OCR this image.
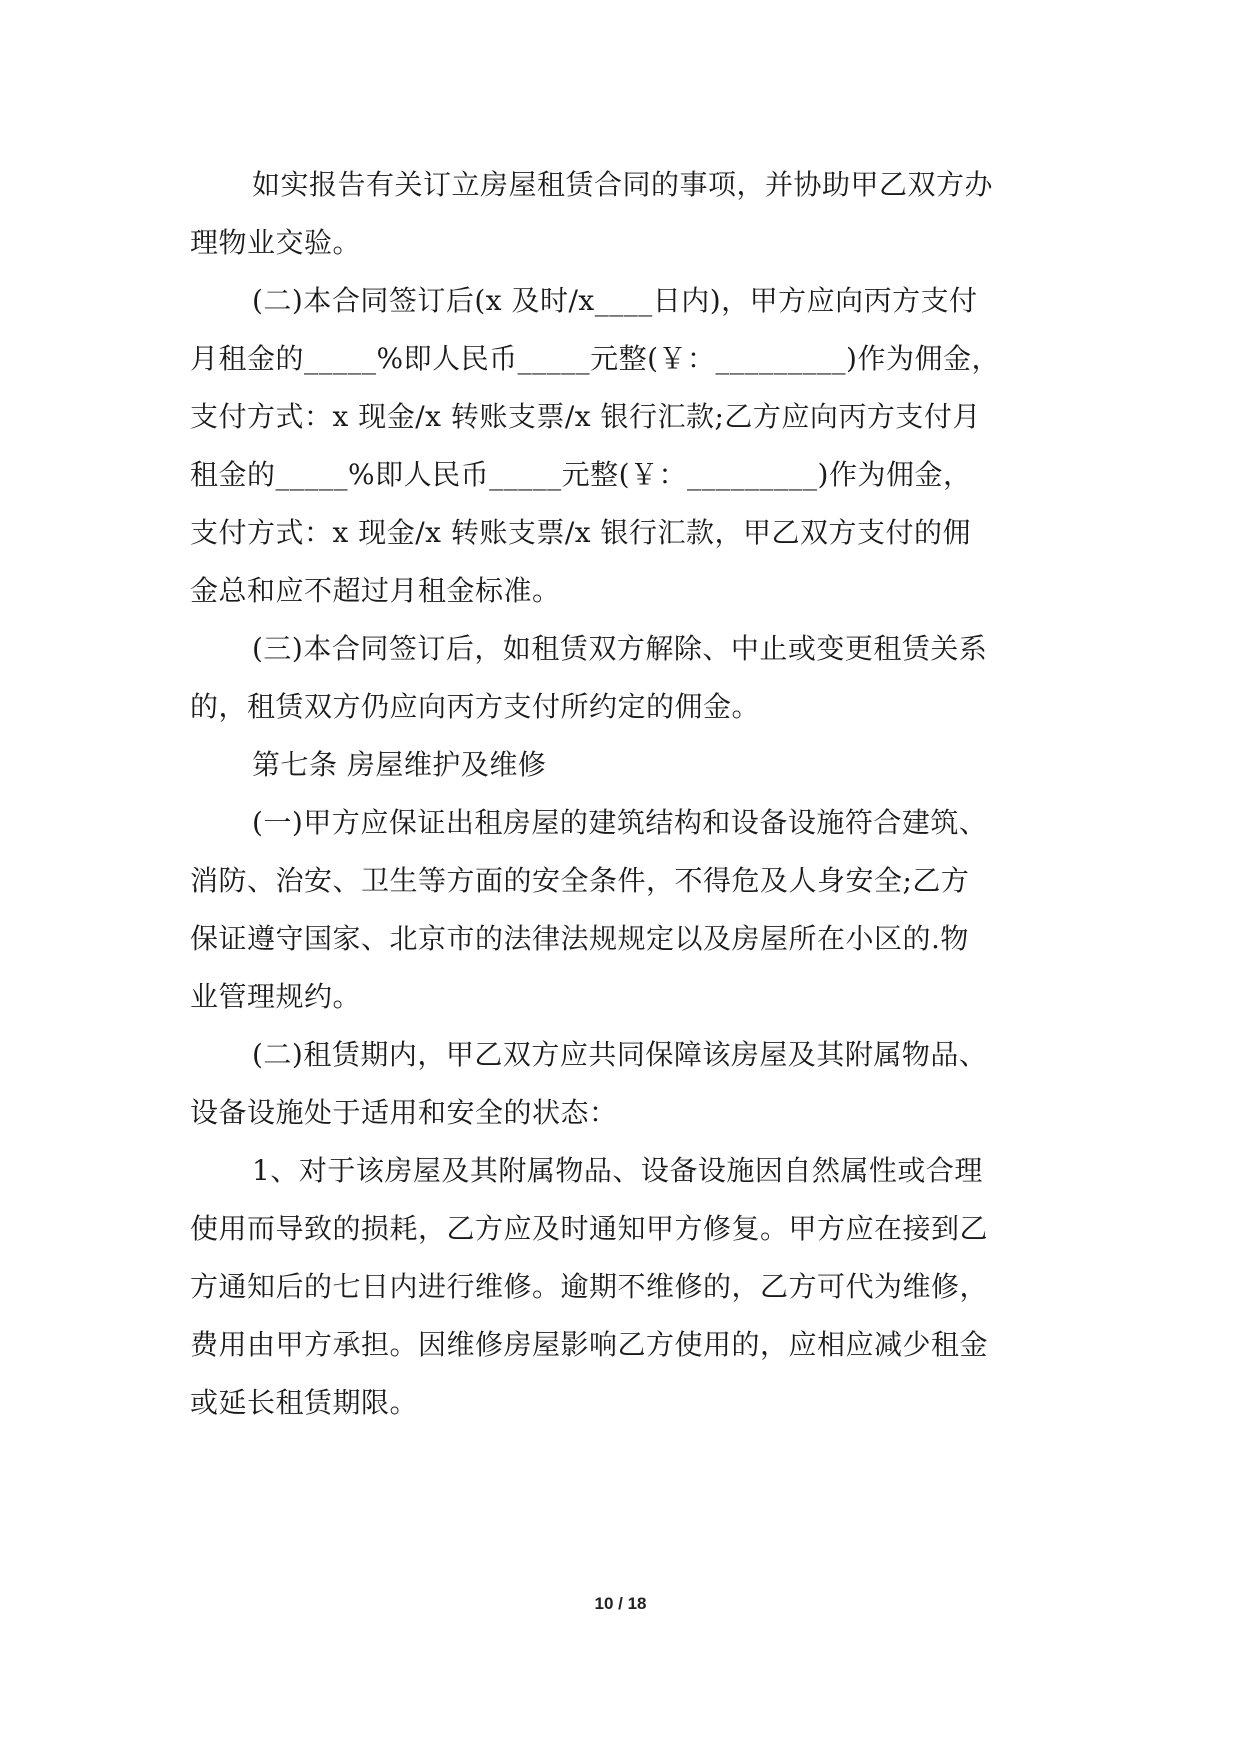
如实报告有关订立房屋租赁合同的事项，并协助甲乙双方办
理物业交验。
(二)本合同签订后(x 及时/x____日内)，甲方应向丙方支付
月租金的_____%即人民币_____元整(￥：_________)作为佣金，
支付方式：x 现金/x 转账支票/x 银行汇款;乙方应向丙方支付月
租金的_____%即人民币_____元整(￥：_________)作为佣金，
支付方式：x 现金/x 转账支票/x 银行汇款，甲乙双方支付的佣
金总和应不超过月租金标准。
(三)本合同签订后，如租赁双方解除、中止或变更租赁关系
的，租赁双方仍应向丙方支付所约定的佣金。
第七条 房屋维护及维修
(一)甲方应保证出租房屋的建筑结构和设备设施符合建筑、
消防、治安、卫生等方面的安全条件，不得危及人身安全;乙方
保证遵守国家、北京市的法律法规规定以及房屋所在小区的.物
业管理规约。
(二)租赁期内，甲乙双方应共同保障该房屋及其附属物品、
设备设施处于适用和安全的状态：
1、对于该房屋及其附属物品、设备设施因自然属性或合理
使用而导致的损耗，乙方应及时通知甲方修复。甲方应在接到乙
方通知后的七日内进行维修。逾期不维修的，乙方可代为维修，
费用由甲方承担。因维修房屋影响乙方使用的，应相应减少租金
或延长租赁期限。
10 / 18
